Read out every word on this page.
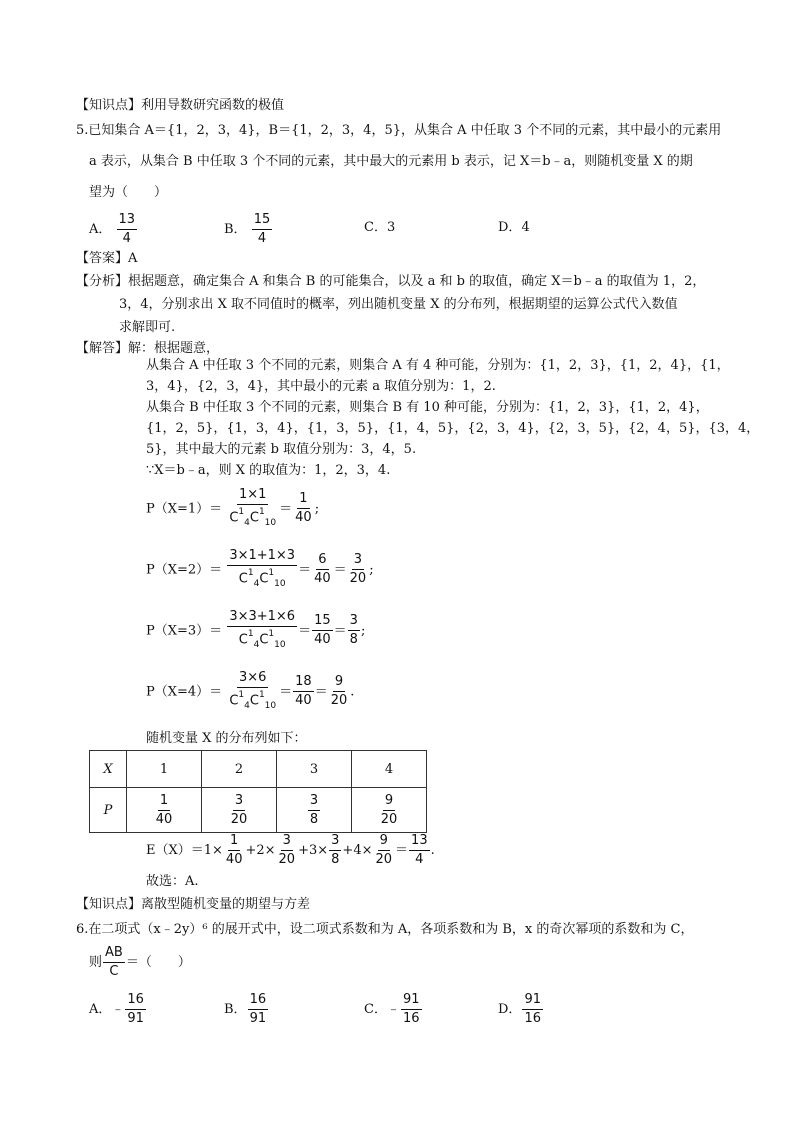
【知识点】利用导数研究函数的极值
5.已知集合 A＝{1，2，3，4}，B＝{1，2，3，4，5}，从集合 A 中任取 3 个不同的元素，其中最小的元素用
a 表示，从集合 B 中任取 3 个不同的元素，其中最大的元素用 b 表示，记 X＝b﹣a，则随机变量 X 的期
望为（　　）
A． $\frac{13}{4}$	B． $\frac{15}{4}$	C．3	D．4
【答案】A
【分析】根据题意，确定集合 A 和集合 B 的可能集合，以及 a 和 b 的取值，确定 X＝b﹣a 的取值为 1，2，
3，4，分别求出 X 取不同值时的概率，列出随机变量 X 的分布列，根据期望的运算公式代入数值
求解即可.
【解答】解：根据题意，
从集合 A 中任取 3 个不同的元素，则集合 A 有 4 种可能，分别为：{1，2，3}，{1，2，4}，{1，
3，4}，{2，3，4}，其中最小的元素 a 取值分别为：1，2.
从集合 B 中任取 3 个不同的元素，则集合 B 有 10 种可能，分别为：{1，2，3}，{1，2，4}，
{1，2，5}，{1，3，4}，{1，3，5}，{1，4，5}，{2，3，4}，{2，3，5}，{2，4，5}，{3，4，
5}，其中最大的元素 b 取值分别为：3，4，5.
∵X＝b﹣a，则 X 的取值为：1，2，3，4.
$P(X=1)= \frac{1\times 1}{C^1_4C^1_{10}} = \frac{1}{40}$ ;
$P(X=2)= \frac{3\times 1+1\times 3}{C^1_4C^1_{10}} = \frac{6}{40} = \frac{3}{20}$ ;
$P(X=3)= \frac{3\times 3+1\times 6}{C^1_4C^1_{10}} = \frac{15}{40} = \frac{3}{8}$ ;
$P(X=4)= \frac{3\times 6}{C^1_4C^1_{10}} = \frac{18}{40} = \frac{9}{20}$ .
随机变量 X 的分布列如下：
X	1	2	3	4
P	$\frac{1}{40}$	$\frac{3}{20}$	$\frac{3}{8}$	$\frac{9}{20}$
$E(X)=1\times \frac{1}{40} +2\times \frac{3}{20} +3\times \frac{3}{8} +4\times \frac{9}{20} = \frac{13}{4}$ .
故选：A.
【知识点】离散型随机变量的期望与方差
6.在二项式（x﹣2y）⁶ 的展开式中，设二项式系数和为 A，各项系数和为 B，x 的奇次幂项的系数和为 C，
则 $\frac{AB}{C}$ ＝（　　）
A．﹣ $\frac{16}{91}$	B． $\frac{16}{91}$	C．﹣ $\frac{91}{16}$	D． $\frac{91}{16}$
